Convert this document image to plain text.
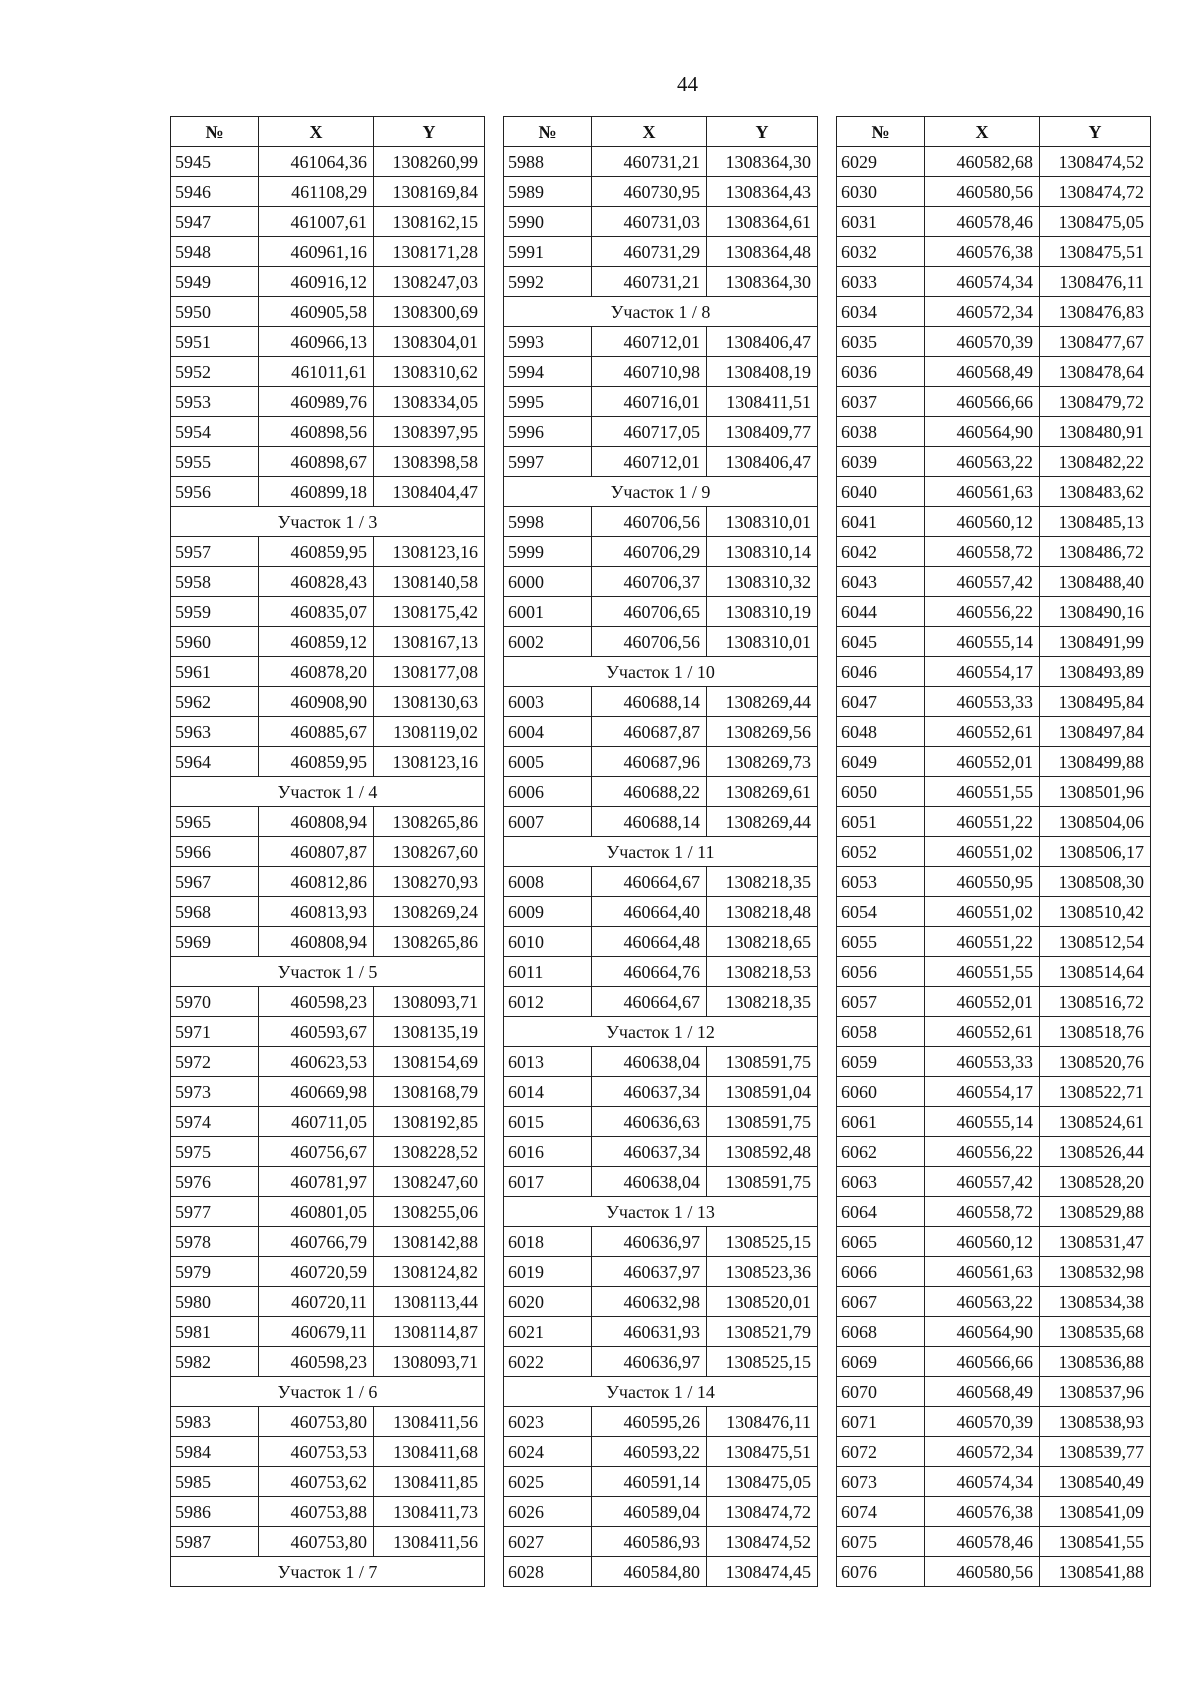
44
№	X	Y
5945	461064,36	1308260,99
5946	461108,29	1308169,84
5947	461007,61	1308162,15
5948	460961,16	1308171,28
5949	460916,12	1308247,03
5950	460905,58	1308300,69
5951	460966,13	1308304,01
5952	461011,61	1308310,62
5953	460989,76	1308334,05
5954	460898,56	1308397,95
5955	460898,67	1308398,58
5956	460899,18	1308404,47
Участок 1 / 3		
5957	460859,95	1308123,16
5958	460828,43	1308140,58
5959	460835,07	1308175,42
5960	460859,12	1308167,13
5961	460878,20	1308177,08
5962	460908,90	1308130,63
5963	460885,67	1308119,02
5964	460859,95	1308123,16
Участок 1 / 4		
5965	460808,94	1308265,86
5966	460807,87	1308267,60
5967	460812,86	1308270,93
5968	460813,93	1308269,24
5969	460808,94	1308265,86
Участок 1 / 5		
5970	460598,23	1308093,71
5971	460593,67	1308135,19
5972	460623,53	1308154,69
5973	460669,98	1308168,79
5974	460711,05	1308192,85
5975	460756,67	1308228,52
5976	460781,97	1308247,60
5977	460801,05	1308255,06
5978	460766,79	1308142,88
5979	460720,59	1308124,82
5980	460720,11	1308113,44
5981	460679,11	1308114,87
5982	460598,23	1308093,71
Участок 1 / 6		
5983	460753,80	1308411,56
5984	460753,53	1308411,68
5985	460753,62	1308411,85
5986	460753,88	1308411,73
5987	460753,80	1308411,56
Участок 1 / 7		
№	X	Y
5988	460731,21	1308364,30
5989	460730,95	1308364,43
5990	460731,03	1308364,61
5991	460731,29	1308364,48
5992	460731,21	1308364,30
Участок 1 / 8		
5993	460712,01	1308406,47
5994	460710,98	1308408,19
5995	460716,01	1308411,51
5996	460717,05	1308409,77
5997	460712,01	1308406,47
Участок 1 / 9		
5998	460706,56	1308310,01
5999	460706,29	1308310,14
6000	460706,37	1308310,32
6001	460706,65	1308310,19
6002	460706,56	1308310,01
Участок 1 / 10		
6003	460688,14	1308269,44
6004	460687,87	1308269,56
6005	460687,96	1308269,73
6006	460688,22	1308269,61
6007	460688,14	1308269,44
Участок 1 / 11		
6008	460664,67	1308218,35
6009	460664,40	1308218,48
6010	460664,48	1308218,65
6011	460664,76	1308218,53
6012	460664,67	1308218,35
Участок 1 / 12		
6013	460638,04	1308591,75
6014	460637,34	1308591,04
6015	460636,63	1308591,75
6016	460637,34	1308592,48
6017	460638,04	1308591,75
Участок 1 / 13		
6018	460636,97	1308525,15
6019	460637,97	1308523,36
6020	460632,98	1308520,01
6021	460631,93	1308521,79
6022	460636,97	1308525,15
Участок 1 / 14		
6023	460595,26	1308476,11
6024	460593,22	1308475,51
6025	460591,14	1308475,05
6026	460589,04	1308474,72
6027	460586,93	1308474,52
6028	460584,80	1308474,45
№	X	Y
6029	460582,68	1308474,52
6030	460580,56	1308474,72
6031	460578,46	1308475,05
6032	460576,38	1308475,51
6033	460574,34	1308476,11
6034	460572,34	1308476,83
6035	460570,39	1308477,67
6036	460568,49	1308478,64
6037	460566,66	1308479,72
6038	460564,90	1308480,91
6039	460563,22	1308482,22
6040	460561,63	1308483,62
6041	460560,12	1308485,13
6042	460558,72	1308486,72
6043	460557,42	1308488,40
6044	460556,22	1308490,16
6045	460555,14	1308491,99
6046	460554,17	1308493,89
6047	460553,33	1308495,84
6048	460552,61	1308497,84
6049	460552,01	1308499,88
6050	460551,55	1308501,96
6051	460551,22	1308504,06
6052	460551,02	1308506,17
6053	460550,95	1308508,30
6054	460551,02	1308510,42
6055	460551,22	1308512,54
6056	460551,55	1308514,64
6057	460552,01	1308516,72
6058	460552,61	1308518,76
6059	460553,33	1308520,76
6060	460554,17	1308522,71
6061	460555,14	1308524,61
6062	460556,22	1308526,44
6063	460557,42	1308528,20
6064	460558,72	1308529,88
6065	460560,12	1308531,47
6066	460561,63	1308532,98
6067	460563,22	1308534,38
6068	460564,90	1308535,68
6069	460566,66	1308536,88
6070	460568,49	1308537,96
6071	460570,39	1308538,93
6072	460572,34	1308539,77
6073	460574,34	1308540,49
6074	460576,38	1308541,09
6075	460578,46	1308541,55
6076	460580,56	1308541,88
